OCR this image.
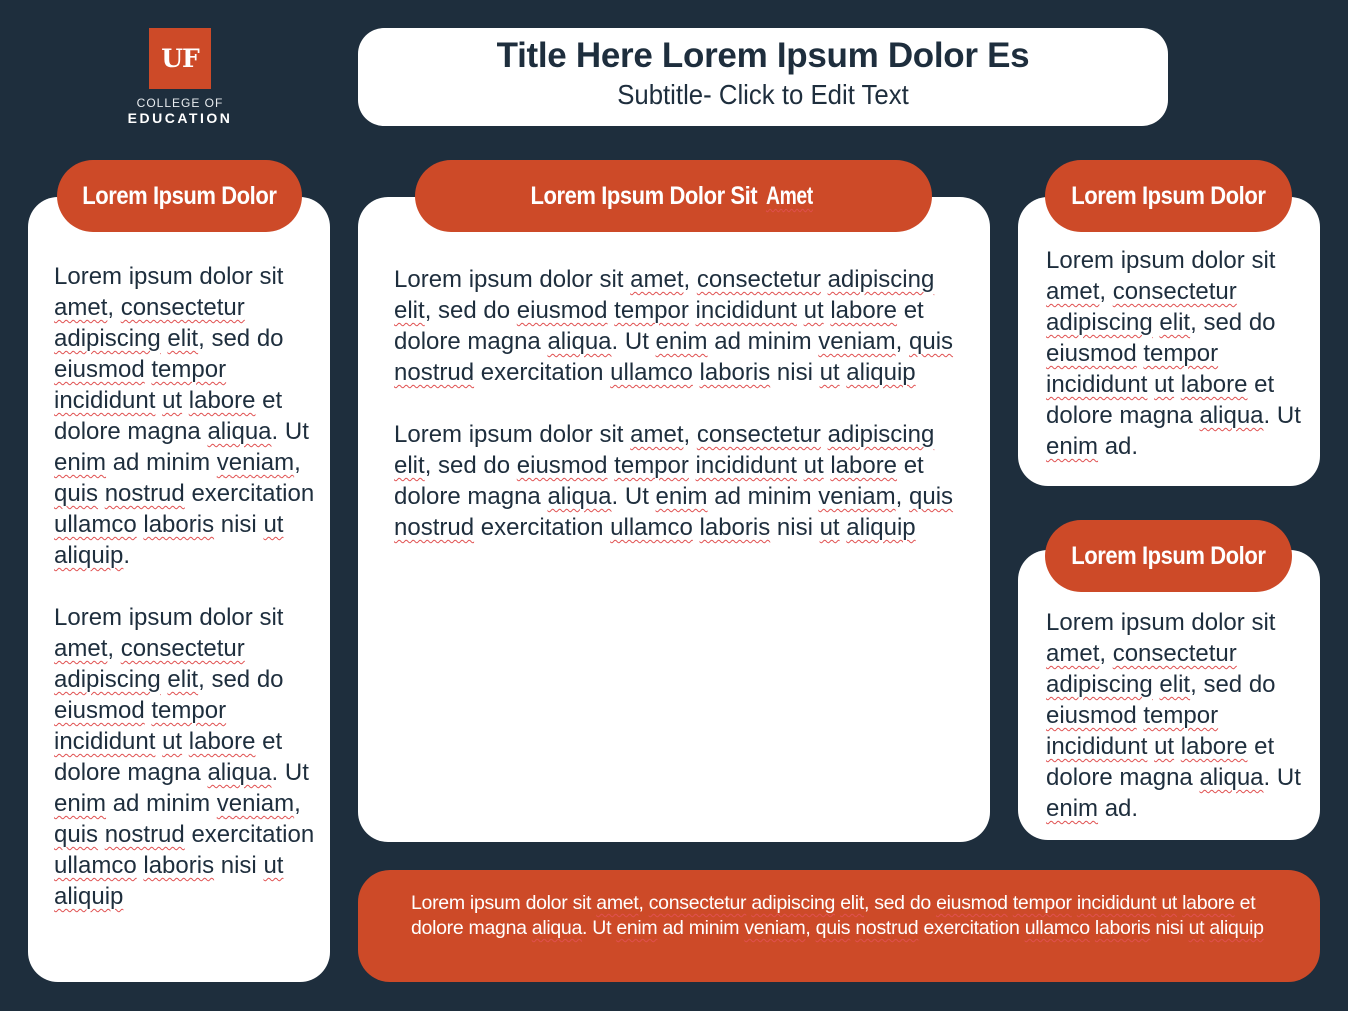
UF
COLLEGE OF
EDUCATION
Title Here Lorem Ipsum Dolor Es
Subtitle- Click to Edit Text
Lorem Ipsum Dolor

Lorem ipsum dolor sit amet, consectetur adipiscing elit, sed do eiusmod tempor incididunt ut labore et dolore magna aliqua. Ut enim ad minim veniam, quis nostrud exercitation ullamco laboris nisi ut aliquip.

Lorem ipsum dolor sit amet, consectetur adipiscing elit, sed do eiusmod tempor incididunt ut labore et dolore magna aliqua. Ut enim ad minim veniam, quis nostrud exercitation ullamco laboris nisi ut aliquip

Lorem Ipsum Dolor Sit Amet

Lorem ipsum dolor sit amet, consectetur adipiscing elit, sed do eiusmod tempor incididunt ut labore et dolore magna aliqua. Ut enim ad minim veniam, quis nostrud exercitation ullamco laboris nisi ut aliquip

Lorem ipsum dolor sit amet, consectetur adipiscing elit, sed do eiusmod tempor incididunt ut labore et dolore magna aliqua. Ut enim ad minim veniam, quis nostrud exercitation ullamco laboris nisi ut aliquip

Lorem Ipsum Dolor

Lorem ipsum dolor sit amet, consectetur adipiscing elit, sed do eiusmod tempor incididunt ut labore et dolore magna aliqua. Ut enim ad.

Lorem Ipsum Dolor

Lorem ipsum dolor sit amet, consectetur adipiscing elit, sed do eiusmod tempor incididunt ut labore et dolore magna aliqua. Ut enim ad.

Lorem ipsum dolor sit amet, consectetur adipiscing elit, sed do eiusmod tempor incididunt ut labore et dolore magna aliqua. Ut enim ad minim veniam, quis nostrud exercitation ullamco laboris nisi ut aliquip
